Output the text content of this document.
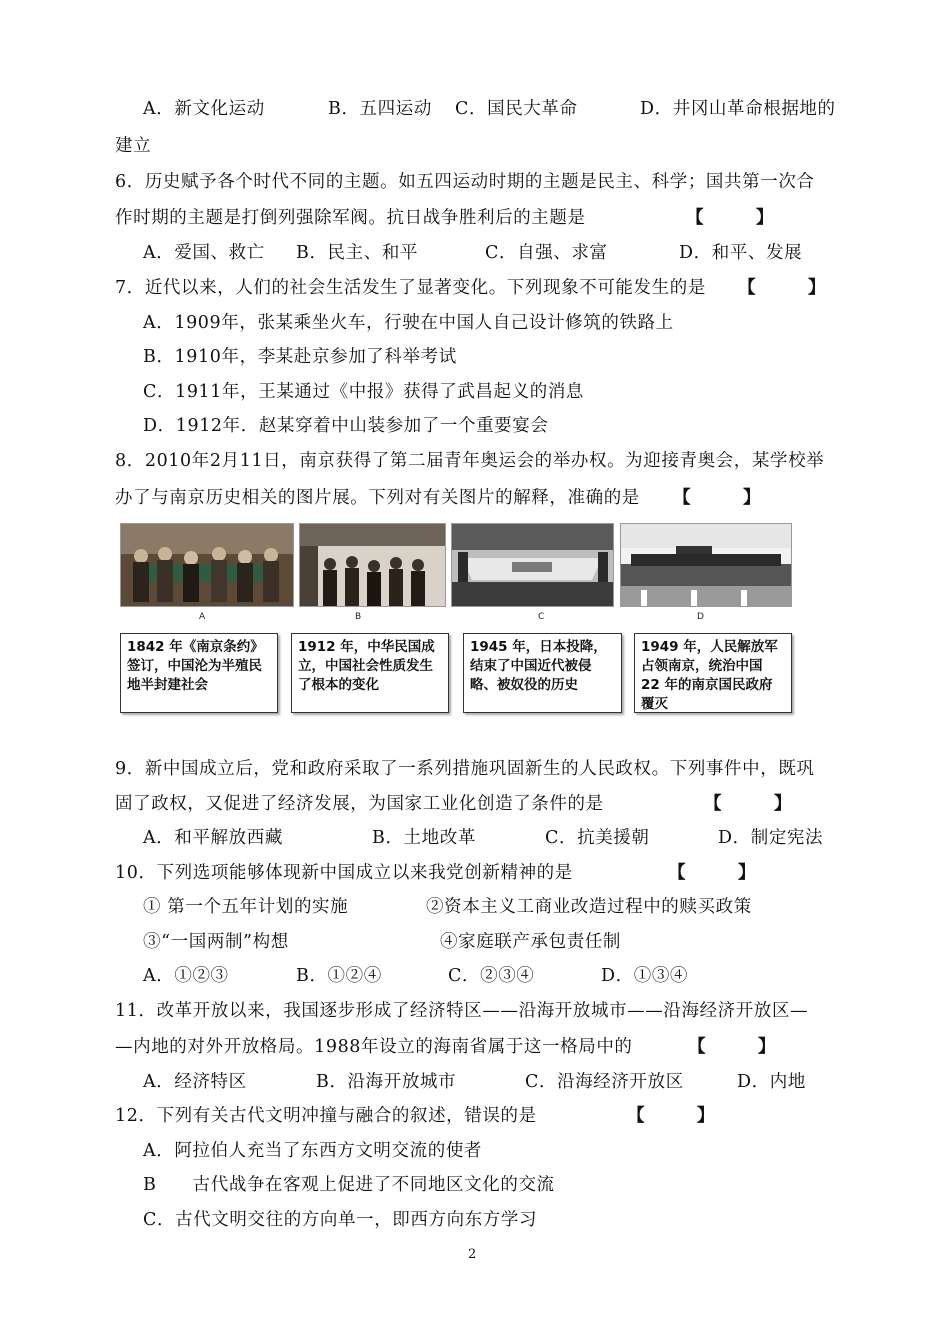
A．新文化运动	B．五四运动 C．国民大革命	D．井冈山革命根据地的
建立
6．历史赋予各个时代不同的主题。如五四运动时期的主题是民主、科学；国共第一次合
作时期的主题是打倒列强除军阀。抗日战争胜利后的主题是	【　　　】
A．爱国、救亡 B．民主、和平	C．自强、求富	D．和平、发展
7．近代以来，人们的社会生活发生了显著变化。下列现象不可能发生的是 【　　　】
A．1909年，张某乘坐火车，行驶在中国人自己设计修筑的铁路上
B．1910年，李某赴京参加了科举考试
C．1911年，王某通过《中报》获得了武昌起义的消息
D．1912年．赵某穿着中山装参加了一个重要宴会
8．2010年2月11日，南京获得了第二届青年奥运会的举办权。为迎接青奥会，某学校举
办了与南京历史相关的图片展。下列对有关图片的解释，准确的是 【　　　】
A	B	C	D
1842 年《南京条约》签订，中国沦为半殖民地半封建社会
1912 年，中华民国成立，中国社会性质发生了根本的变化
1945 年，日本投降，结束了中国近代被侵略、被奴役的历史
1949 年，人民解放军占领南京，统治中国 22 年的南京国民政府覆灭
9．新中国成立后，党和政府采取了一系列措施巩固新生的人民政权。下列事件中，既巩
固了政权，又促进了经济发展，为国家工业化创造了条件的是	【　　　】
A．和平解放西藏	B．土地改革	C．抗美援朝	D．制定宪法
10．下列选项能够体现新中国成立以来我党创新精神的是	【　　　】
① 第一个五年计划的实施	②资本主义工商业改造过程中的赎买政策
③“一国两制”构想	④家庭联产承包责任制
A．①②③	B．①②④	C．②③④	D．①③④
11．改革开放以来，我国逐步形成了经济特区——沿海开放城市——沿海经济开放区—
—内地的对外开放格局。1988年设立的海南省属于这一格局中的	【　　　】
A．经济特区	B．沿海开放城市	C．沿海经济开放区	D．内地
12．下列有关古代文明冲撞与融合的叙述，错误的是	【　　　】
A．阿拉伯人充当了东西方文明交流的使者
B　　古代战争在客观上促进了不同地区文化的交流
C．古代文明交往的方向单一，即西方向东方学习
2
